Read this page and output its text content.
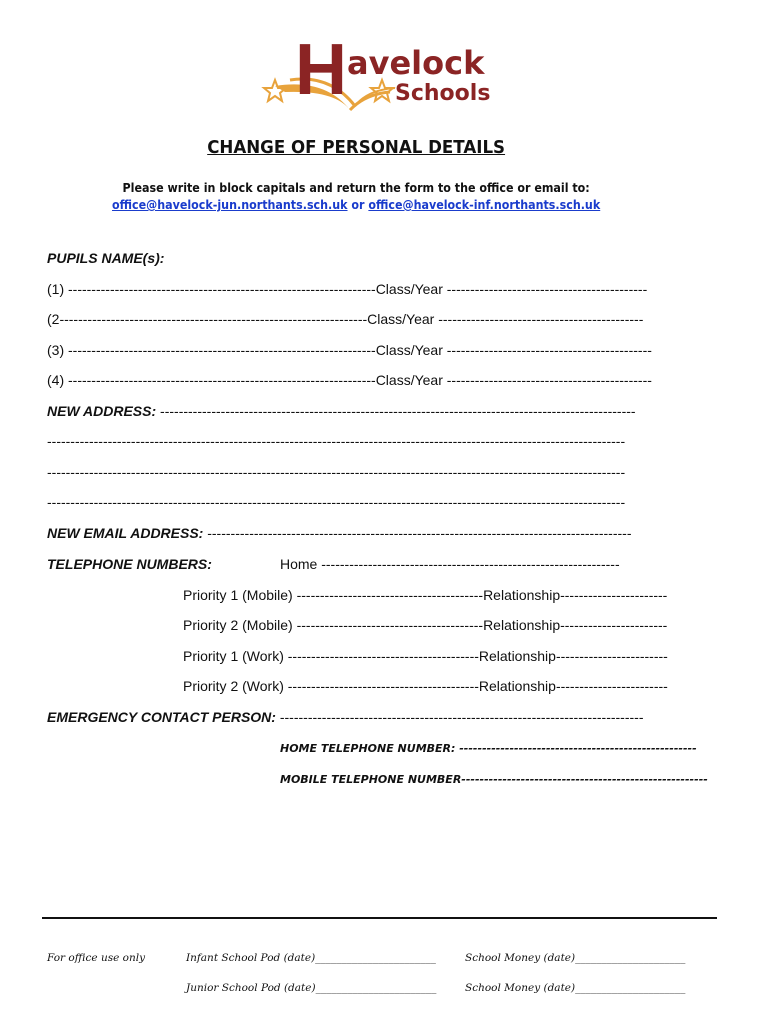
H avelock
Schools
CHANGE OF PERSONAL DETAILS
Please write in block capitals and return the form to the office or email to:
office@havelock-jun.northants.sch.uk or office@havelock-inf.northants.sch.uk
PUPILS NAME(s):
(1) ------------------------------------------------------------------Class/Year -------------------------------------------
(2------------------------------------------------------------------Class/Year --------------------------------------------
(3) ------------------------------------------------------------------Class/Year --------------------------------------------
(4) ------------------------------------------------------------------Class/Year --------------------------------------------
NEW ADDRESS: ------------------------------------------------------------------------------------------------------
----------------------------------------------------------------------------------------------------------------------------
----------------------------------------------------------------------------------------------------------------------------
----------------------------------------------------------------------------------------------------------------------------
NEW EMAIL ADDRESS: -------------------------------------------------------------------------------------------
TELEPHONE NUMBERS:	Home ----------------------------------------------------------------
Priority 1 (Mobile) ----------------------------------------Relationship-----------------------
Priority 2 (Mobile) ----------------------------------------Relationship-----------------------
Priority 1 (Work) -----------------------------------------Relationship------------------------
Priority 2 (Work) -----------------------------------------Relationship------------------------
EMERGENCY CONTACT PERSON: ------------------------------------------------------------------------------
HOME TELEPHONE NUMBER: ----------------------------------------------------
MOBILE TELEPHONE NUMBER------------------------------------------------------
For office use only	Infant School Pod (date)_______________________	School Money (date)_____________________
Junior School Pod (date)_______________________	School Money (date)_____________________
